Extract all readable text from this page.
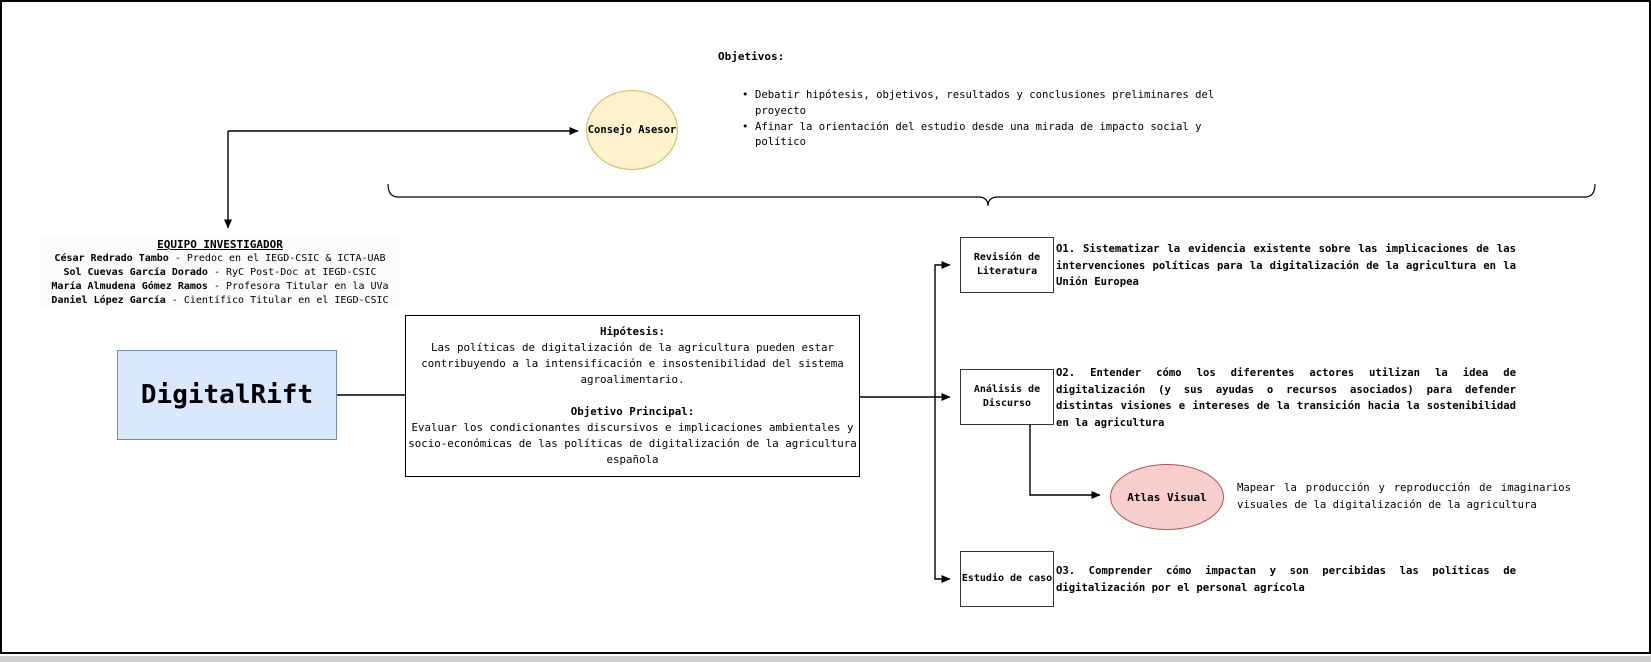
Consejo Asesor
Objetivos:
• Debatir hipótesis, objetivos, resultados y conclusiones preliminares del proyecto
• Afinar la orientación del estudio desde una mirada de impacto social y político
EQUIPO INVESTIGADOR
César Redrado Tambo - Predoc en el IEGD-CSIC & ICTA-UAB
Sol Cuevas García Dorado - RyC Post-Doc at IEGD-CSIC
María Almudena Gómez Ramos - Profesora Titular en la UVa
Daniel López García - Científico Titular en el IEGD-CSIC
DigitalRift
Hipótesis:
Las políticas de digitalización de la agricultura pueden estar contribuyendo a la intensificación e insostenibilidad del sistema agroalimentario.
Objetivo Principal:
Evaluar los condicionantes discursivos e implicaciones ambientales y socio-económicas de las políticas de digitalización de la agricultura española
Revisión de Literatura
Análisis de Discurso
Estudio de caso
O1. Sistematizar la evidencia existente sobre las implicaciones de las intervenciones políticas para la digitalización de la agricultura en la Unión Europea
O2. Entender cómo los diferentes actores utilizan la idea de digitalización (y sus ayudas o recursos asociados) para defender distintas visiones e intereses de la transición hacia la sostenibilidad en la agricultura
O3. Comprender cómo impactan y son percibidas las políticas de digitalización por el personal agrícola
Atlas Visual
Mapear la producción y reproducción de imaginarios visuales de la digitalización de la agricultura
